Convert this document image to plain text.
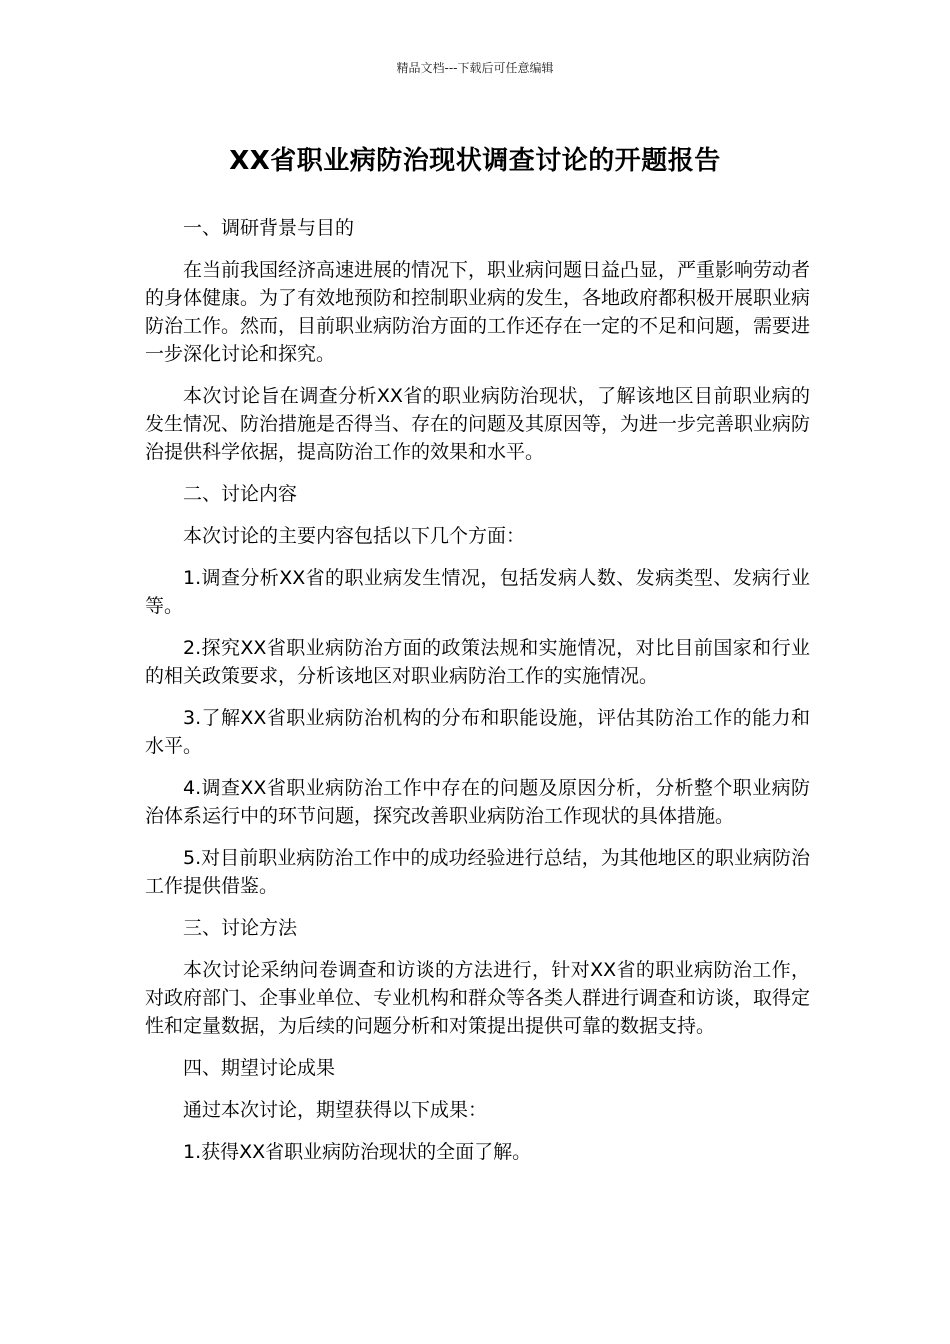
精品文档---下载后可任意编辑
XX省职业病防治现状调查讨论的开题报告

一、调研背景与目的

在当前我国经济高速进展的情况下，职业病问题日益凸显，严重影响劳动者的身体健康。为了有效地预防和控制职业病的发生，各地政府都积极开展职业病防治工作。然而，目前职业病防治方面的工作还存在一定的不足和问题，需要进一步深化讨论和探究。

本次讨论旨在调查分析XX省的职业病防治现状，了解该地区目前职业病的发生情况、防治措施是否得当、存在的问题及其原因等，为进一步完善职业病防治提供科学依据，提高防治工作的效果和水平。

二、讨论内容

本次讨论的主要内容包括以下几个方面：

1.调查分析XX省的职业病发生情况，包括发病人数、发病类型、发病行业等。

2.探究XX省职业病防治方面的政策法规和实施情况，对比目前国家和行业的相关政策要求，分析该地区对职业病防治工作的实施情况。

3.了解XX省职业病防治机构的分布和职能设施，评估其防治工作的能力和水平。

4.调查XX省职业病防治工作中存在的问题及原因分析，分析整个职业病防治体系运行中的环节问题，探究改善职业病防治工作现状的具体措施。

5.对目前职业病防治工作中的成功经验进行总结，为其他地区的职业病防治工作提供借鉴。

三、讨论方法

本次讨论采纳问卷调查和访谈的方法进行，针对XX省的职业病防治工作，对政府部门、企事业单位、专业机构和群众等各类人群进行调查和访谈，取得定性和定量数据，为后续的问题分析和对策提出提供可靠的数据支持。

四、期望讨论成果

通过本次讨论，期望获得以下成果：

1.获得XX省职业病防治现状的全面了解。
